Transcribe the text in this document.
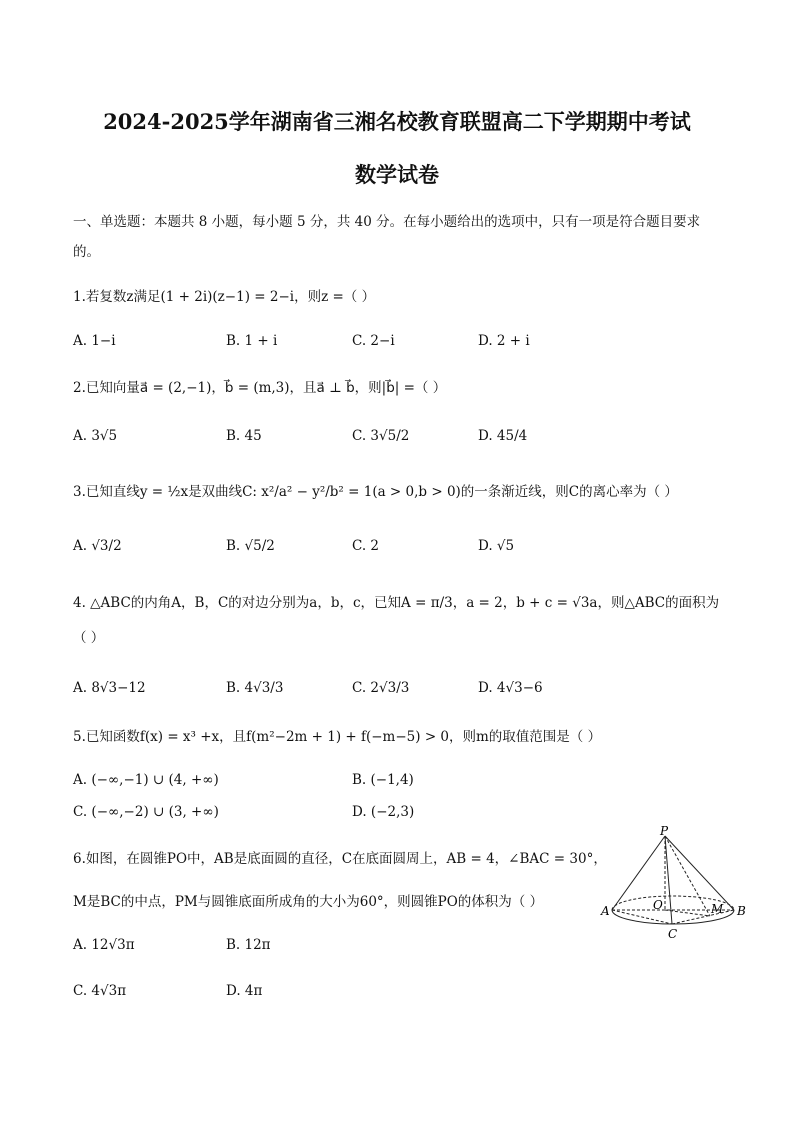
2024-2025学年湖南省三湘名校教育联盟高二下学期期中考试
数学试卷
一、单选题：本题共 8 小题，每小题 5 分，共 40 分。在每小题给出的选项中，只有一项是符合题目要求的。
1.若复数z满足(1 + 2i)(z−1) = 2−i，则z =（ ）
A. 1−i	B. 1 + i	C. 2−i	D. 2 + i
2.已知向量a⃗ = (2,−1)，b⃗ = (m,3)，且a⃗ ⊥ b⃗，则|b⃗| =（ ）
A. 3√5	B. 45	C. 3√5/2	D. 45/4
3.已知直线y = ½x是双曲线C: x²/a² − y²/b² = 1(a > 0,b > 0)的一条渐近线，则C的离心率为（ ）
A. √3/2	B. √5/2	C. 2	D. √5
4. △ABC的内角A，B，C的对边分别为a，b，c，已知A = π/3，a = 2，b + c = √3a，则△ABC的面积为
（ ）
A. 8√3−12	B. 4√3/3	C. 2√3/3	D. 4√3−6
5.已知函数f(x) = x³ +x，且f(m²−2m + 1) + f(−m−5) > 0，则m的取值范围是（ ）
A. (−∞,−1) ∪ (4, +∞)	B. (−1,4)
C. (−∞,−2) ∪ (3, +∞)	D. (−2,3)
6.如图，在圆锥PO中，AB是底面圆的直径，C在底面圆周上，AB = 4，∠BAC = 30°，
M是BC的中点，PM与圆锥底面所成角的大小为60°，则圆锥PO的体积为（ ）
A. 12√3π	B. 12π
C. 4√3π	D. 4π
P
O
A	B
C
M
